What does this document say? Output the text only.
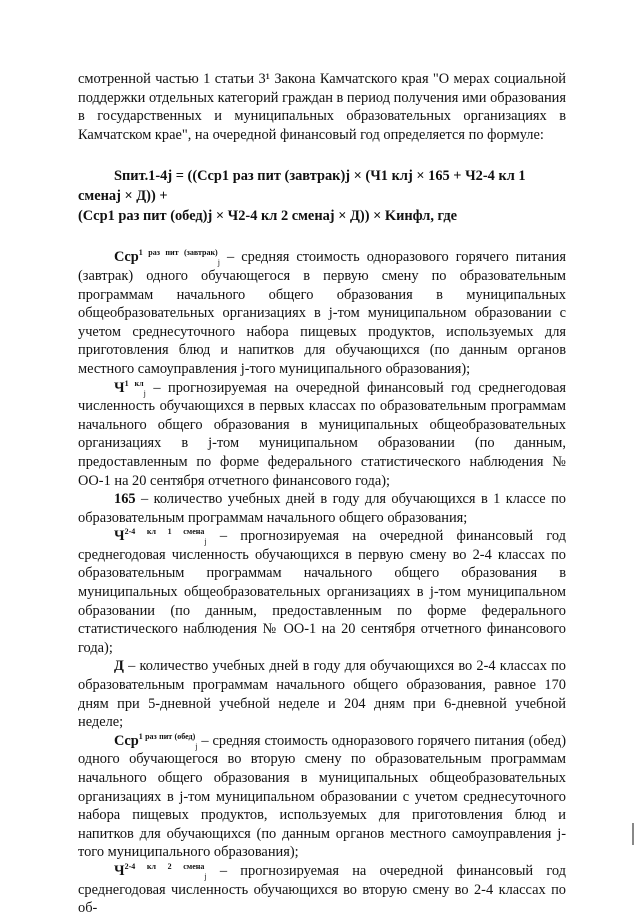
смотренной частью 1 статьи 3¹ Закона Камчатского края "О мерах социальной поддержки отдельных категорий граждан в период получения ими образования в государственных и муниципальных образовательных организациях в Камчатском крае", на очередной финансовый год определяется по формуле:

Sпит.1-4j = ((Cср1 раз пит (завтрак)j × (Ч1 клj × 165 + Ч2-4 кл 1 сменаj × Д)) +
(Cср1 раз пит (обед)j × Ч2-4 кл 2 сменаj × Д)) × Kинфл, где

Cср$^{1 раз пит (завтрак)}_j$ – средняя стоимость одноразового горячего питания (завтрак) одного обучающегося в первую смену по образовательным программам начального общего образования в муниципальных общеобразовательных организациях в j-том муниципальном образовании с учетом среднесуточного набора пищевых продуктов, используемых для приготовления блюд и напитков для обучающихся (по данным органов местного самоуправления j-того муниципального образования);

$Ч^{1 кл}_j$ – прогнозируемая на очередной финансовый год среднегодовая численность обучающихся в первых классах по образовательным программам начального общего образования в муниципальных общеобразовательных организациях в j-том муниципальном образовании (по данным, предоставленным по форме федерального статистического наблюдения № ОО-1 на 20 сентября отчетного финансового года);

165 – количество учебных дней в году для обучающихся в 1 классе по образовательным программам начального общего образования;

$Ч^{2-4 кл 1 смена}_j$ – прогнозируемая на очередной финансовый год среднегодовая численность обучающихся в первую смену во 2-4 классах по образовательным программам начального общего образования в муниципальных общеобразовательных организациях в j-том муниципальном образовании (по данным, предоставленным по форме федерального статистического наблюдения № ОО-1 на 20 сентября отчетного финансового года);

Д – количество учебных дней в году для обучающихся во 2-4 классах по образовательным программам начального общего образования, равное 170 дням при 5-дневной учебной неделе и 204 дням при 6-дневной учебной неделе;

Cср$^{1 раз пит (обед)}_j$ – средняя стоимость одноразового горячего питания (обед) одного обучающегося во вторую смену по образовательным программам начального общего образования в муниципальных общеобразовательных организациях в j-том муниципальном образовании с учетом среднесуточного набора пищевых продуктов, используемых для приготовления блюд и напитков для обучающихся (по данным органов местного самоуправления j-того муниципального образования);

$Ч^{2-4 кл 2 смена}_j$ – прогнозируемая на очередной финансовый год среднегодовая численность обучающихся во вторую смену во 2-4 классах по об-
